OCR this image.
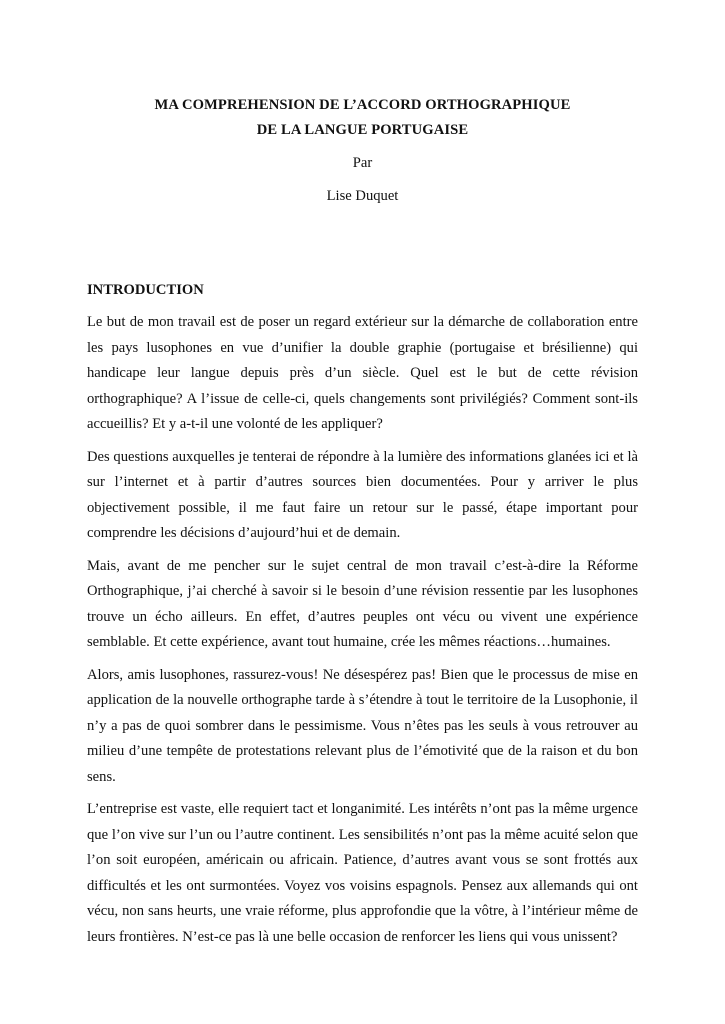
MA COMPREHENSION DE L’ACCORD ORTHOGRAPHIQUE
DE LA LANGUE PORTUGAISE
Par
Lise Duquet
INTRODUCTION

Le but de mon travail est de poser un regard extérieur sur la démarche de collaboration entre les pays lusophones en vue d’unifier la double graphie (portugaise et brésilienne) qui handicape leur langue depuis près d’un siècle. Quel est le but de cette révision orthographique? A l’issue de celle-ci, quels changements sont privilégiés? Comment sont-ils accueillis? Et y a-t-il une volonté de les appliquer?

Des questions auxquelles je tenterai de répondre à la lumière des informations glanées ici et là sur l’internet et à partir d’autres sources bien documentées. Pour y arriver le plus objectivement possible, il me faut faire un retour sur le passé, étape important pour comprendre les décisions d’aujourd’hui et de demain.

Mais, avant de me pencher sur le sujet central de mon travail c’est-à-dire la Réforme Orthographique, j’ai cherché à savoir si le besoin d’une révision ressentie par les lusophones trouve un écho ailleurs. En effet, d’autres peuples ont vécu ou vivent une expérience semblable. Et cette expérience, avant tout humaine, crée les mêmes réactions…humaines.

Alors, amis lusophones, rassurez-vous! Ne désespérez pas! Bien que le processus de mise en application de la nouvelle orthographe tarde à s’étendre à tout le territoire de la Lusophonie, il n’y a pas de quoi sombrer dans le pessimisme. Vous n’êtes pas les seuls à vous retrouver au milieu d’une tempête de protestations relevant plus de l’émotivité que de la raison et du bon sens.

L’entreprise est vaste, elle requiert tact et longanimité. Les intérêts n’ont pas la même urgence que l’on vive sur l’un ou l’autre continent. Les sensibilités n’ont pas la même acuité selon que l’on soit européen, américain ou africain. Patience, d’autres avant vous se sont frottés aux difficultés et les ont surmontées. Voyez vos voisins espagnols. Pensez aux allemands qui ont vécu, non sans heurts, une vraie réforme, plus approfondie que la vôtre, à l’intérieur même de leurs frontières. N’est-ce pas là une belle occasion de renforcer les liens qui vous unissent?
